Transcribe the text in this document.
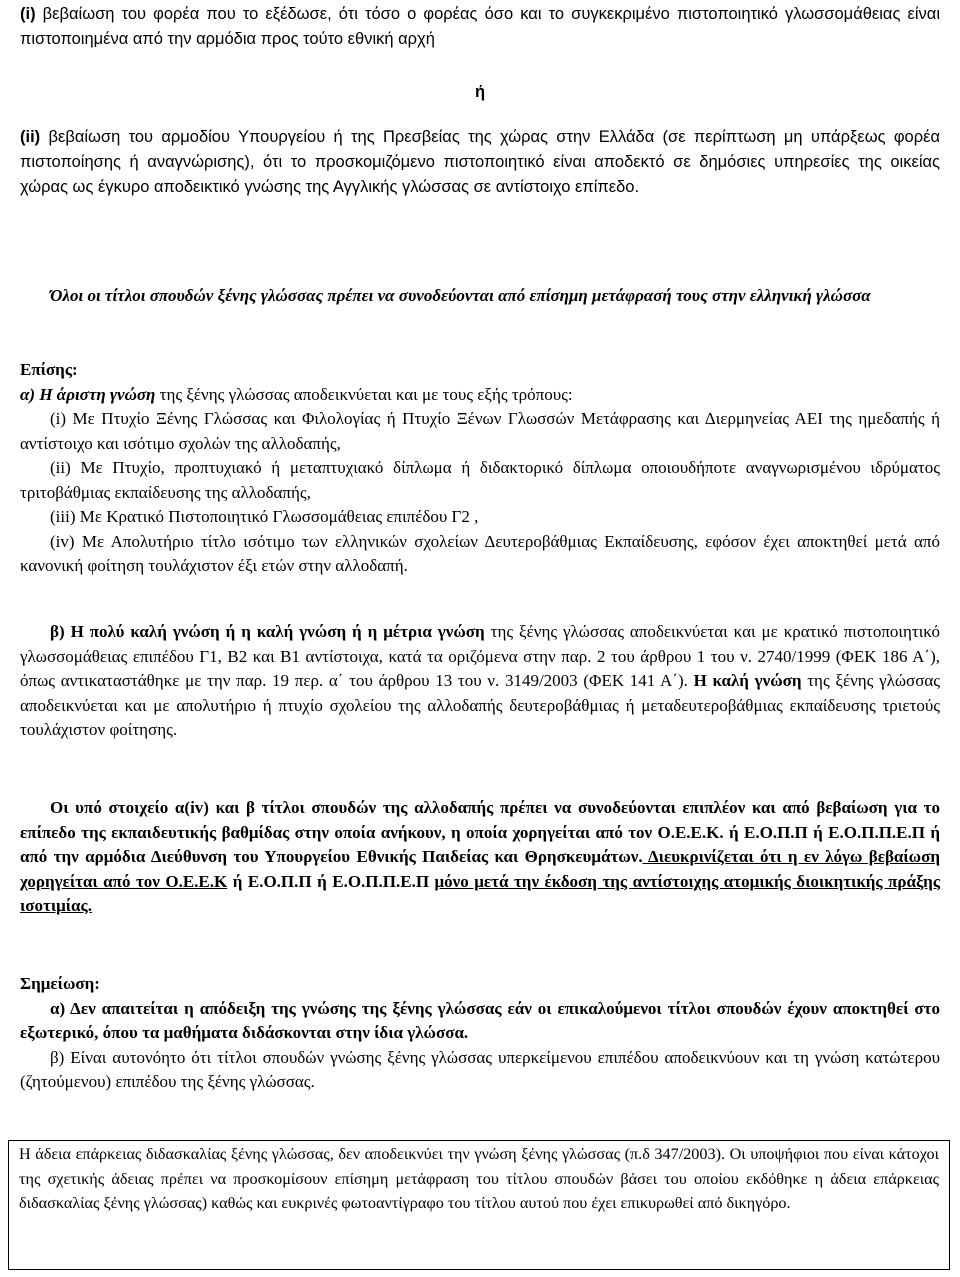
(i) βεβαίωση του φορέα που το εξέδωσε, ότι τόσο ο φορέας όσο και το συγκεκριμένο πιστοποιητικό γλωσσομάθειας είναι πιστοποιημένα από την αρμόδια προς τούτο εθνική αρχή

ή

(ii) βεβαίωση του αρμοδίου Υπουργείου ή της Πρεσβείας της χώρας στην Ελλάδα (σε περίπτωση μη υπάρξεως φορέα πιστοποίησης ή αναγνώρισης), ότι το προσκομιζόμενο πιστοποιητικό είναι αποδεκτό σε δημόσιες υπηρεσίες της οικείας χώρας ως έγκυρο αποδεικτικό γνώσης της Αγγλικής γλώσσας σε αντίστοιχο επίπεδο.

Όλοι οι τίτλοι σπουδών ξένης γλώσσας πρέπει να συνοδεύονται από επίσημη μετάφρασή τους στην ελληνική γλώσσα

Επίσης:

α) Η άριστη γνώση της ξένης γλώσσας αποδεικνύεται και με τους εξής τρόπους:

(i) Με Πτυχίο Ξένης Γλώσσας και Φιλολογίας ή Πτυχίο Ξένων Γλωσσών Μετάφρασης και Διερμηνείας ΑΕΙ της ημεδαπής ή αντίστοιχο και ισότιμο σχολών της αλλοδαπής,

(ii) Με Πτυχίο, προπτυχιακό ή μεταπτυχιακό δίπλωμα ή διδακτορικό δίπλωμα οποιουδήποτε αναγνωρισμένου ιδρύματος τριτοβάθμιας εκπαίδευσης της αλλοδαπής,

(iii) Με Κρατικό Πιστοποιητικό Γλωσσομάθειας επιπέδου Γ2 ,

(iv) Με Απολυτήριο τίτλο ισότιμο των ελληνικών σχολείων Δευτεροβάθμιας Εκπαίδευσης, εφόσον έχει αποκτηθεί μετά από κανονική φοίτηση τουλάχιστον έξι ετών στην αλλοδαπή.

β) Η πολύ καλή γνώση ή η καλή γνώση ή η μέτρια γνώση της ξένης γλώσσας αποδεικνύεται και με κρατικό πιστοποιητικό γλωσσομάθειας επιπέδου Γ1, Β2 και Β1 αντίστοιχα, κατά τα οριζόμενα στην παρ. 2 του άρθρου 1 του ν. 2740/1999 (ΦΕΚ 186 Α΄), όπως αντικαταστάθηκε με την παρ. 19 περ. α΄ του άρθρου 13 του ν. 3149/2003 (ΦΕΚ 141 Α΄). Η καλή γνώση της ξένης γλώσσας αποδεικνύεται και με απολυτήριο ή πτυχίο σχολείου της αλλοδαπής δευτεροβάθμιας ή μεταδευτεροβάθμιας εκπαίδευσης τριετούς τουλάχιστον φοίτησης.

Οι υπό στοιχείο α(iv) και β τίτλοι σπουδών της αλλοδαπής πρέπει να συνοδεύονται επιπλέον και από βεβαίωση για το επίπεδο της εκπαιδευτικής βαθμίδας στην οποία ανήκουν, η οποία χορηγείται από τον Ο.Ε.Ε.Κ. ή Ε.Ο.Π.Π ή Ε.Ο.Π.Π.Ε.Π ή από την αρμόδια Διεύθυνση του Υπουργείου Εθνικής Παιδείας και Θρησκευμάτων. Διευκρινίζεται ότι η εν λόγω βεβαίωση χορηγείται από τον Ο.Ε.Ε.Κ ή Ε.Ο.Π.Π ή Ε.Ο.Π.Π.Ε.Π μόνο μετά την έκδοση της αντίστοιχης ατομικής διοικητικής πράξης ισοτιμίας.

Σημείωση:

α) Δεν απαιτείται η απόδειξη της γνώσης της ξένης γλώσσας εάν οι επικαλούμενοι τίτλοι σπουδών έχουν αποκτηθεί στο εξωτερικό, όπου τα μαθήματα διδάσκονται στην ίδια γλώσσα.

β) Είναι αυτονόητο ότι τίτλοι σπουδών γνώσης ξένης γλώσσας υπερκείμενου επιπέδου αποδεικνύουν και τη γνώση κατώτερου (ζητούμενου) επιπέδου της ξένης γλώσσας.

Η άδεια επάρκειας διδασκαλίας ξένης γλώσσας, δεν αποδεικνύει την γνώση ξένης γλώσσας (π.δ 347/2003). Οι υποψήφιοι που είναι κάτοχοι της σχετικής άδειας πρέπει να προσκομίσουν επίσημη μετάφραση του τίτλου σπουδών βάσει του οποίου εκδόθηκε η άδεια επάρκειας διδασκαλίας ξένης γλώσσας) καθώς και ευκρινές φωτοαντίγραφο του τίτλου αυτού που έχει επικυρωθεί από δικηγόρο.
